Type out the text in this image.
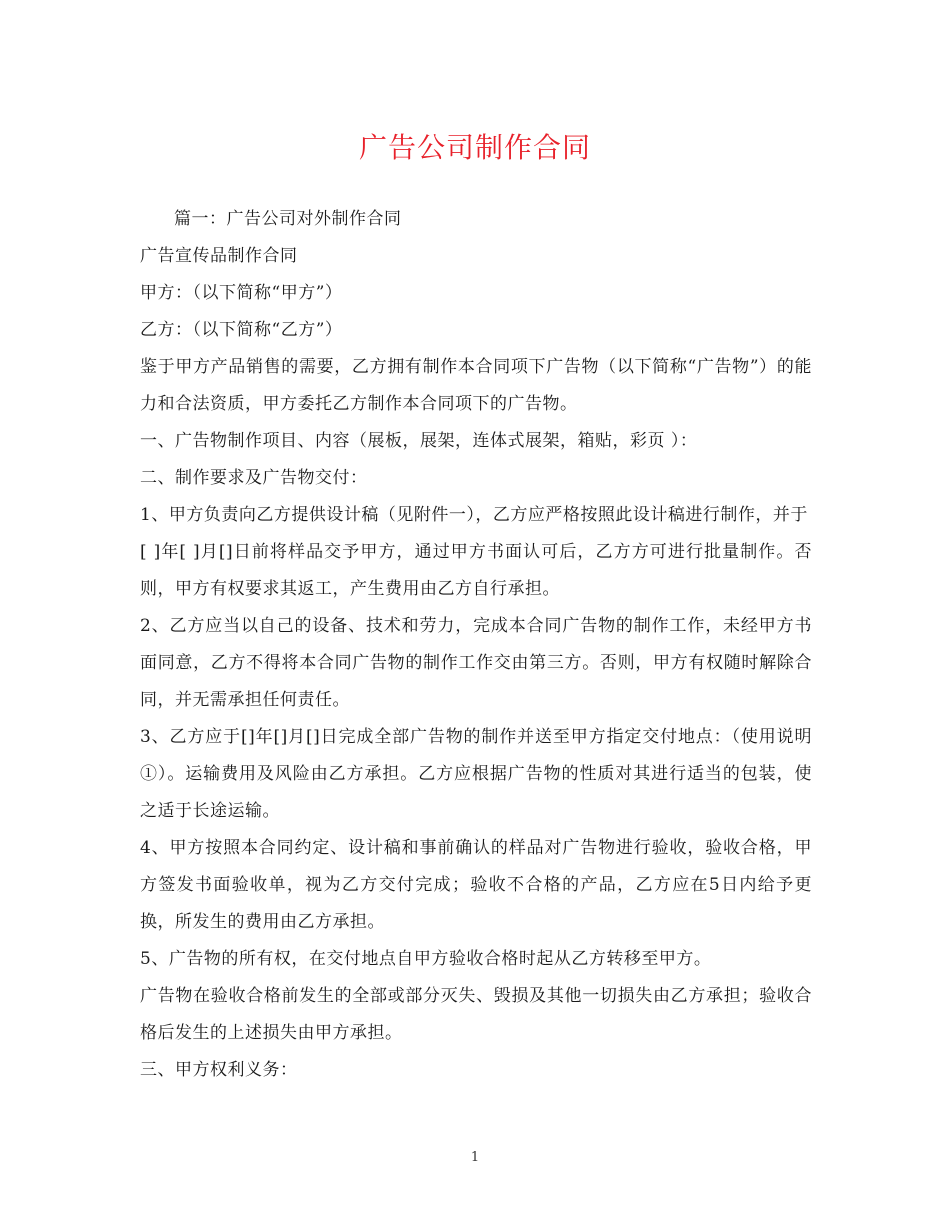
广告公司制作合同

篇一：广告公司对外制作合同

广告宣传品制作合同

甲方：（以下简称“甲方”）

乙方：（以下简称“乙方”）

鉴于甲方产品销售的需要，乙方拥有制作本合同项下广告物（以下简称“广告物”）的能力和合法资质，甲方委托乙方制作本合同项下的广告物。

一、广告物制作项目、内容（展板，展架，连体式展架，箱贴，彩页 ）：

二、制作要求及广告物交付：

1、甲方负责向乙方提供设计稿（见附件一），乙方应严格按照此设计稿进行制作，并于

[ ]年[ ]月[]日前将样品交予甲方，通过甲方书面认可后，乙方方可进行批量制作。否则，甲方有权要求其返工，产生费用由乙方自行承担。

2、乙方应当以自己的设备、技术和劳力，完成本合同广告物的制作工作，未经甲方书面同意，乙方不得将本合同广告物的制作工作交由第三方。否则，甲方有权随时解除合同，并无需承担任何责任。

3、乙方应于[]年[]月[]日完成全部广告物的制作并送至甲方指定交付地点：（使用说明①）。运输费用及风险由乙方承担。乙方应根据广告物的性质对其进行适当的包装，使之适于长途运输。

4、甲方按照本合同约定、设计稿和事前确认的样品对广告物进行验收，验收合格，甲方签发书面验收单，视为乙方交付完成；验收不合格的产品，乙方应在5日内给予更换，所发生的费用由乙方承担。

5、广告物的所有权，在交付地点自甲方验收合格时起从乙方转移至甲方。

广告物在验收合格前发生的全部或部分灭失、毁损及其他一切损失由乙方承担；验收合格后发生的上述损失由甲方承担。

三、甲方权利义务：

1
